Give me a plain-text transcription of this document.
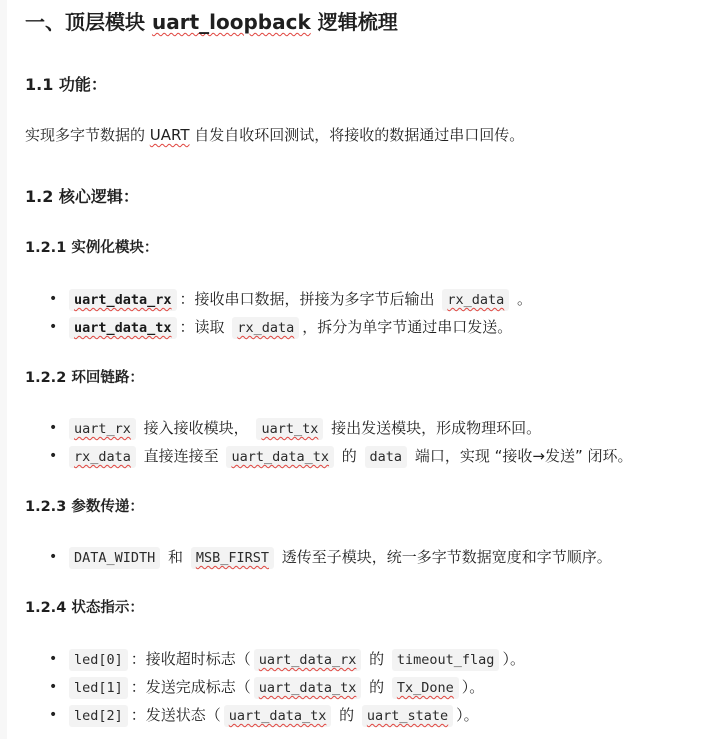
一、顶层模块 uart_loopback 逻辑梳理
1.1 功能：

实现多字节数据的 UART 自发自收环回测试，将接收的数据通过串口回传。

1.2 核心逻辑：
1.2.1 实例化模块：
• uart_data_rx ：接收串口数据，拼接为多字节后输出 rx_data 。
• uart_data_tx ：读取 rx_data ，拆分为单字节通过串口发送。
1.2.2 环回链路：
• uart_rx 接入接收模块， uart_tx 接出发送模块，形成物理环回。
• rx_data 直接连接至 uart_data_tx 的 data 端口，实现 “接收→发送” 闭环。
1.2.3 参数传递：
• DATA_WIDTH 和 MSB_FIRST 透传至子模块，统一多字节数据宽度和字节顺序。
1.2.4 状态指示：
• led[0] ：接收超时标志（ uart_data_rx 的 timeout_flag ）。
• led[1] ：发送完成标志（ uart_data_tx 的 Tx_Done ）。
• led[2] ：发送状态（ uart_data_tx 的 uart_state ）。
